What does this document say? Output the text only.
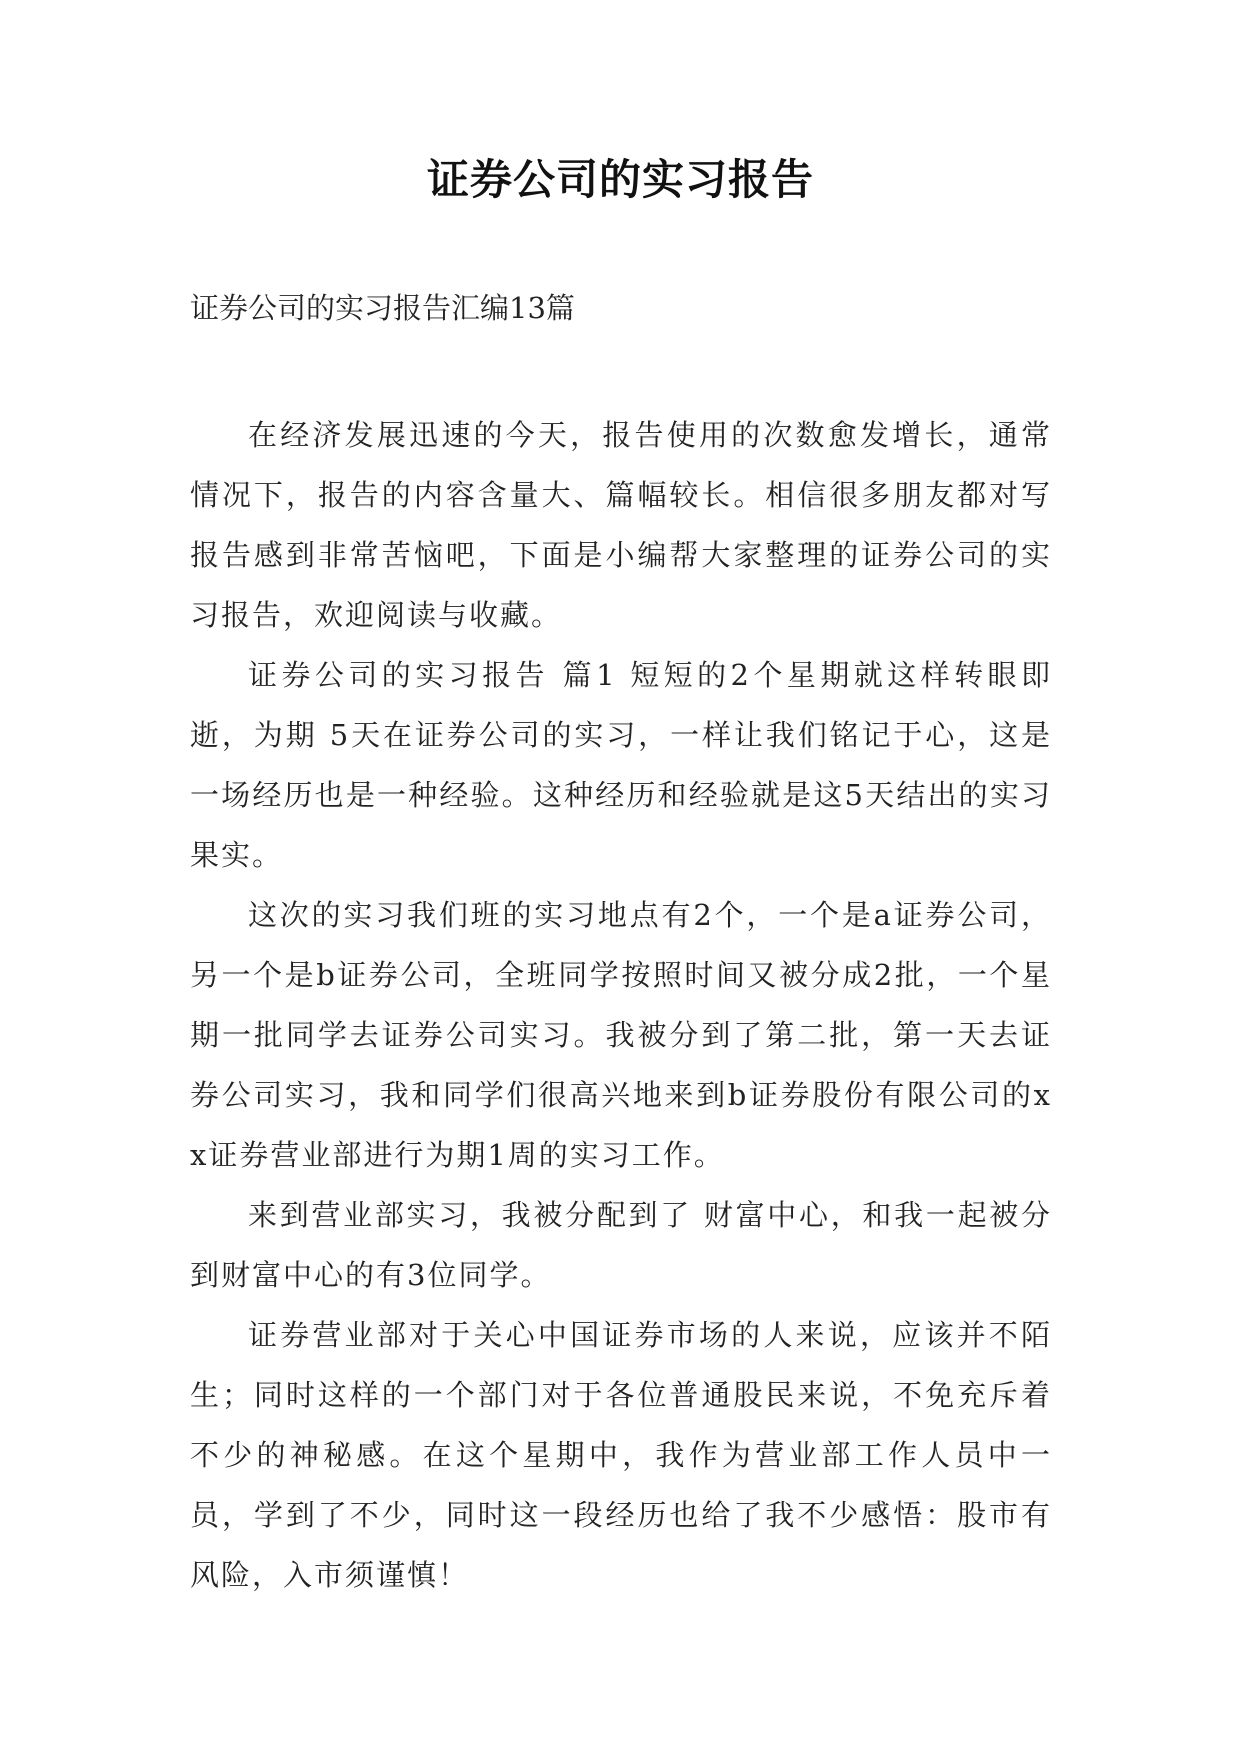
证券公司的实习报告
证券公司的实习报告汇编13篇

在经济发展迅速的今天，报告使用的次数愈发增长，通常情况下，报告的内容含量大、篇幅较长。相信很多朋友都对写报告感到非常苦恼吧，下面是小编帮大家整理的证券公司的实习报告，欢迎阅读与收藏。

证券公司的实习报告 篇1 短短的2个星期就这样转眼即逝，为期 5天在证券公司的实习，一样让我们铭记于心，这是一场经历也是一种经验。这种经历和经验就是这5天结出的实习果实。

这次的实习我们班的实习地点有2个，一个是a证券公司，另一个是b证券公司，全班同学按照时间又被分成2批，一个星期一批同学去证券公司实习。我被分到了第二批，第一天去证券公司实习，我和同学们很高兴地来到b证券股份有限公司的xx证券营业部进行为期1周的实习工作。

来到营业部实习，我被分配到了 财富中心，和我一起被分到财富中心的有3位同学。

证券营业部对于关心中国证券市场的人来说，应该并不陌生；同时这样的一个部门对于各位普通股民来说，不免充斥着不少的神秘感。在这个星期中，我作为营业部工作人员中一员，学到了不少，同时这一段经历也给了我不少感悟：股市有风险，入市须谨慎！
